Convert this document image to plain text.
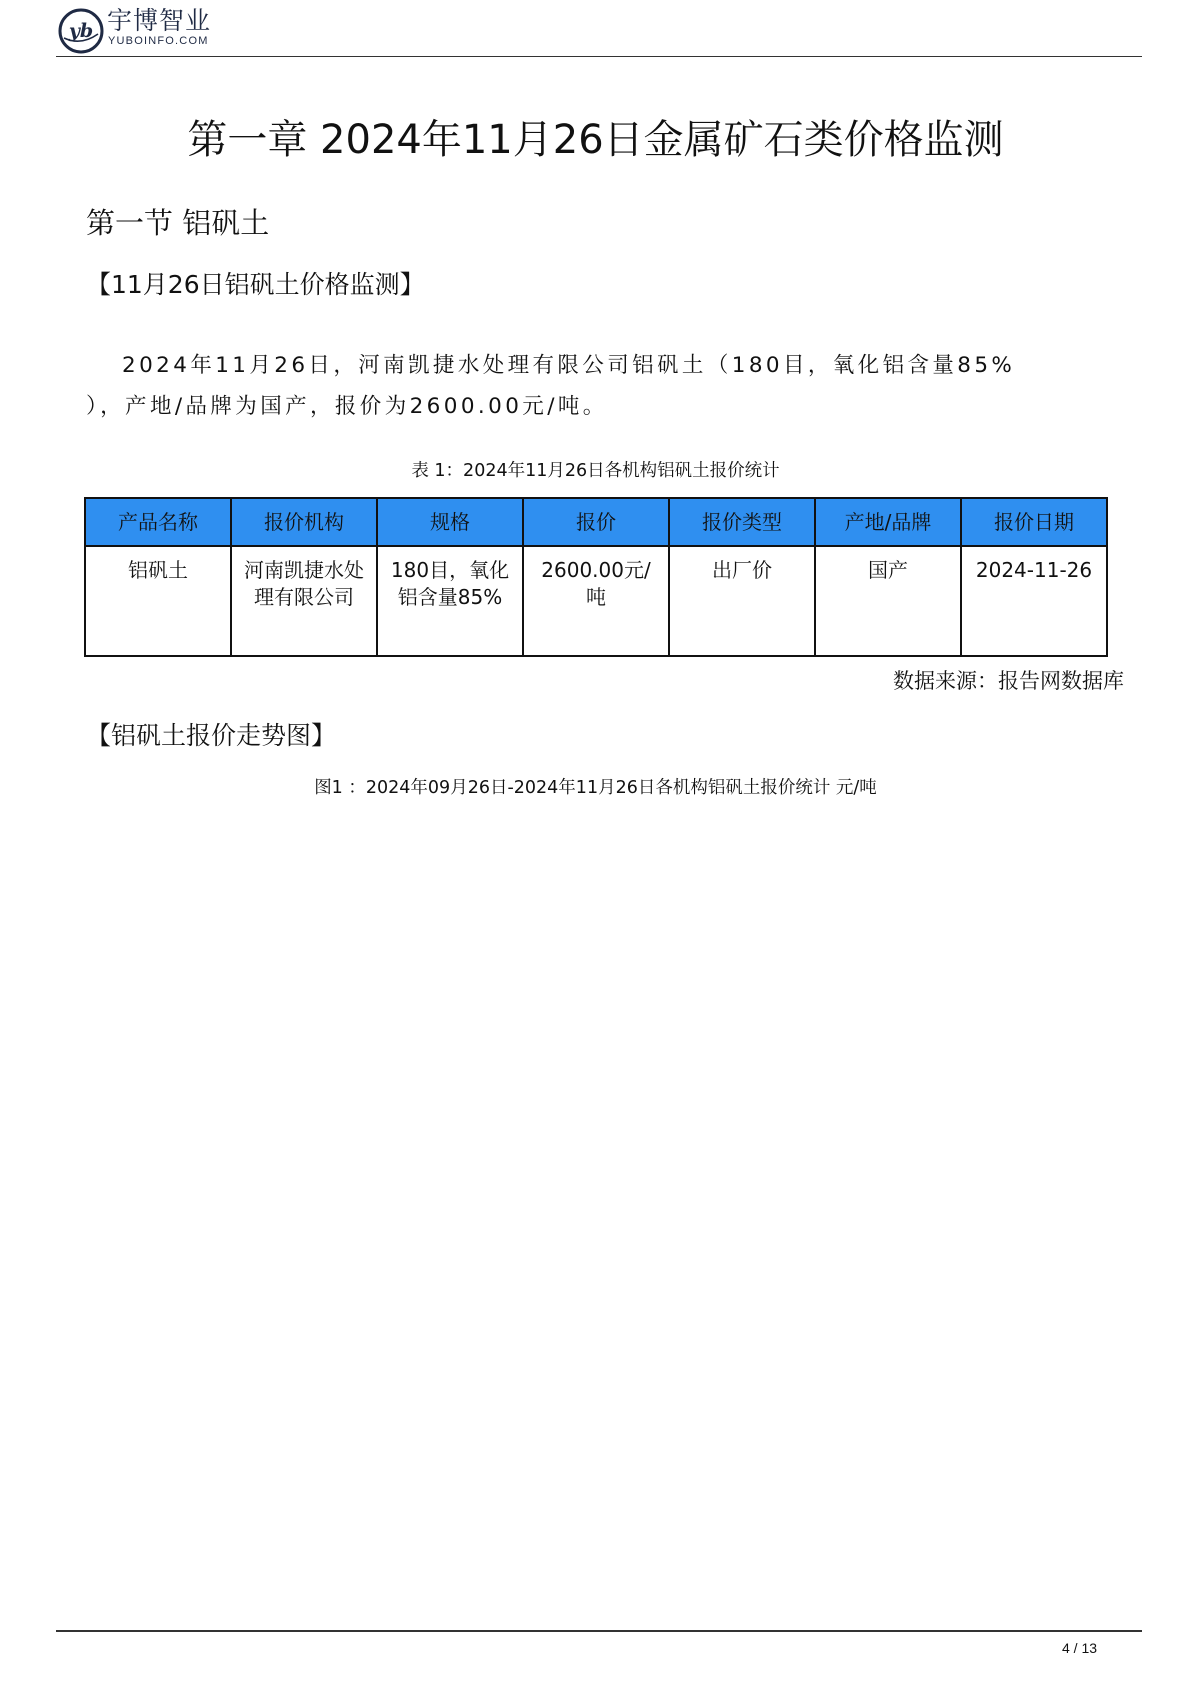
yb 宇博智业
YUBOINFO.COM
第一章 2024年11月26日金属矿石类价格监测
第一节 铝矾土
【11月26日铝矾土价格监测】
2024年11月26日，河南凯捷水处理有限公司铝矾土（180目，氧化铝含量85%
），产地/品牌为国产，报价为2600.00元/吨。
表 1：2024年11月26日各机构铝矾土报价统计
产品名称	报价机构	规格	报价	报价类型	产地/品牌	报价日期
铝矾土	河南凯捷水处理有限公司	180目，氧化铝含量85%	2600.00元/吨	出厂价	国产	2024-11-26
数据来源：报告网数据库
【铝矾土报价走势图】
图1 ：2024年09月26日-2024年11月26日各机构铝矾土报价统计 元/吨
4 / 13
